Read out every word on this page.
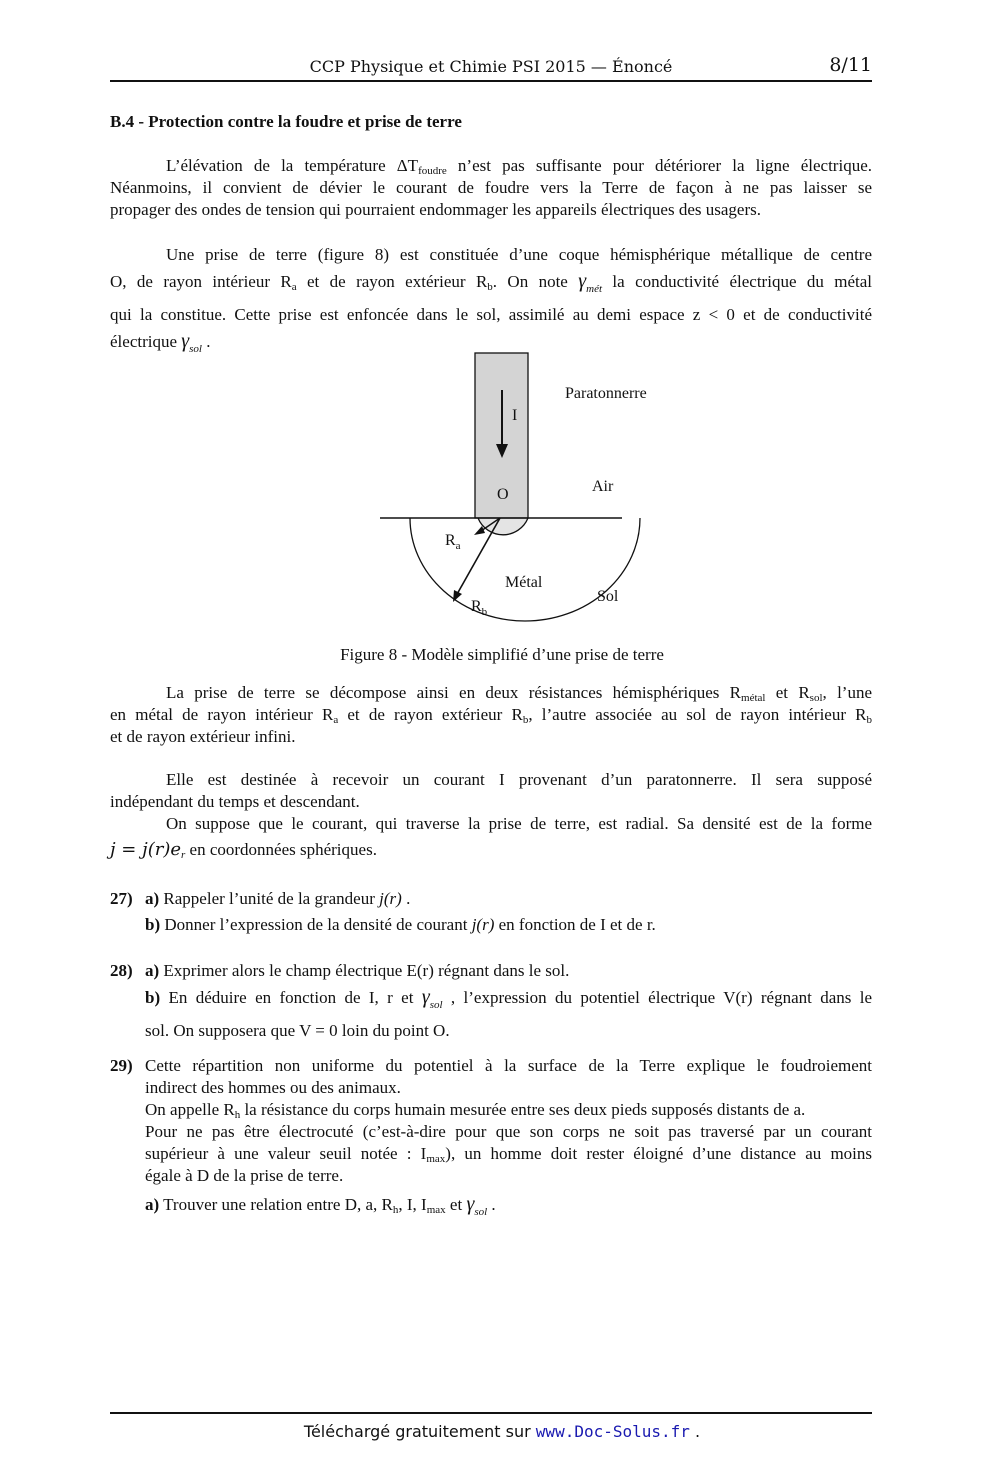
CCP Physique et Chimie PSI 2015 — Énoncé	8/11
B.4 - Protection contre la foudre et prise de terre
L’élévation de la température $\Delta T_{foudre}$ n’est pas suffisante pour détériorer la ligne électrique.
Néanmoins, il convient de dévier le courant de foudre vers la Terre de façon à ne pas laisser se
propager des ondes de tension qui pourraient endommager les appareils électriques des usagers.
Une prise de terre (figure 8) est constituée d’une coque hémisphérique métallique de centre
O, de rayon intérieur $R_a$ et de rayon extérieur $R_b$. On note $\gamma_{mét}$ la conductivité électrique du métal
qui la constitue. Cette prise est enfoncée dans le sol, assimilé au demi espace z < 0 et de conductivité
électrique $\gamma_{sol}$ .
Paratonnerre
I
O	Air
$R_a$
Métal
Sol
$R_b$
Figure 8 - Modèle simplifié d’une prise de terre
La prise de terre se décompose ainsi en deux résistances hémisphériques $R_{métal}$ et $R_{sol}$, l’une
en métal de rayon intérieur $R_a$ et de rayon extérieur $R_b$, l’autre associée au sol de rayon intérieur $R_b$
et de rayon extérieur infini.
Elle est destinée à recevoir un courant I provenant d’un paratonnerre. Il sera supposé
indépendant du temps et descendant.
On suppose que le courant, qui traverse la prise de terre, est radial. Sa densité est de la forme
$j = j(r)e_r$ en coordonnées sphériques.
27) a) Rappeler l’unité de la grandeur j(r) .
b) Donner l’expression de la densité de courant j(r) en fonction de I et de r.
28) a) Exprimer alors le champ électrique E(r) régnant dans le sol.
b) En déduire en fonction de I, r et $\gamma_{sol}$ , l’expression du potentiel électrique V(r) régnant dans le
sol. On supposera que V = 0 loin du point O.
29) Cette répartition non uniforme du potentiel à la surface de la Terre explique le foudroiement
indirect des hommes ou des animaux.
On appelle $R_h$ la résistance du corps humain mesurée entre ses deux pieds supposés distants de a.
Pour ne pas être électrocuté (c’est-à-dire pour que son corps ne soit pas traversé par un courant
supérieur à une valeur seuil notée : $I_{max}$), un homme doit rester éloigné d’une distance au moins
égale à D de la prise de terre.
a) Trouver une relation entre D, a, $R_h$, I, $I_{max}$ et $\gamma_{sol}$ .
Téléchargé gratuitement sur www.Doc-Solus.fr .
